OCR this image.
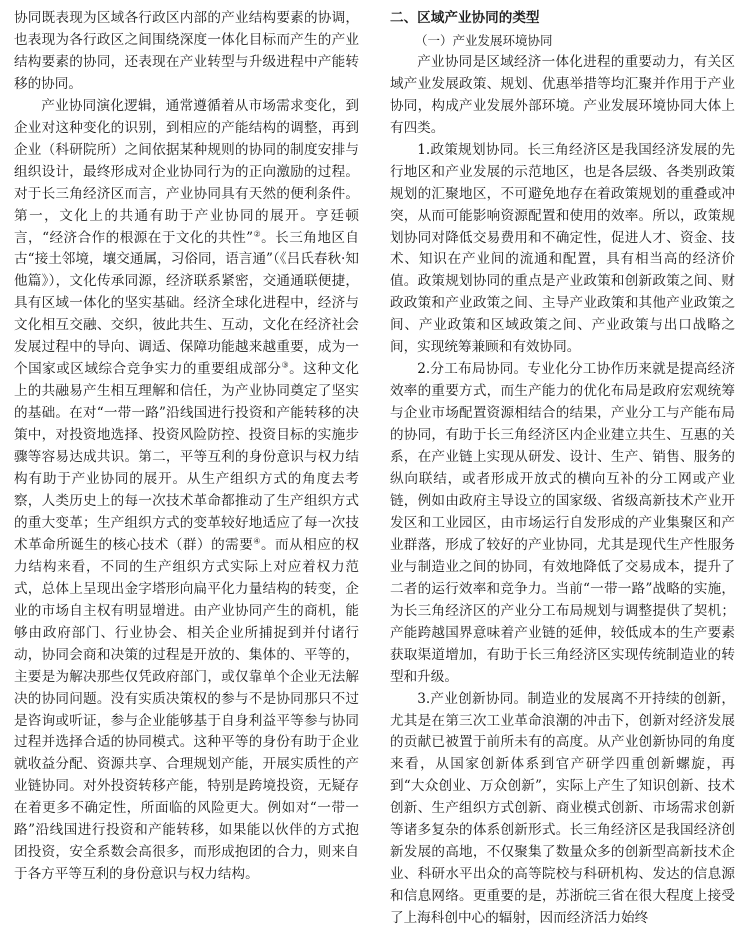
协同既表现为区域各行政区内部的产业结构要素的协调，也表现为各行政区之间围绕深度一体化目标而产生的产业结构要素的协同，还表现在产业转型与升级进程中产能转移的协同。

产业协同演化逻辑，通常遵循着从市场需求变化，到企业对这种变化的识别，到相应的产能结构的调整，再到企业（科研院所）之间依据某种规则的协同的制度安排与组织设计，最终形成对企业协同行为的正向激励的过程。对于长三角经济区而言，产业协同具有天然的便利条件。第一，文化上的共通有助于产业协同的展开。亨廷顿言，“经济合作的根源在于文化的共性”②。长三角地区自古“接土邻境，壤交通属，习俗同，语言通”（《吕氏春秋·知他篇》），文化传承同源，经济联系紧密，交通通联便捷，具有区域一体化的坚实基础。经济全球化进程中，经济与文化相互交融、交织，彼此共生、互动，文化在经济社会发展过程中的导向、调适、保障功能越来越重要，成为一个国家或区域综合竞争实力的重要组成部分③。这种文化上的共融易产生相互理解和信任，为产业协同奠定了坚实的基础。在对“一带一路”沿线国进行投资和产能转移的决策中，对投资地选择、投资风险防控、投资目标的实施步骤等容易达成共识。第二，平等互利的身份意识与权力结构有助于产业协同的展开。从生产组织方式的角度去考察，人类历史上的每一次技术革命都推动了生产组织方式的重大变革；生产组织方式的变革较好地适应了每一次技术革命所诞生的核心技术（群）的需要④。而从相应的权力结构来看，不同的生产组织方式实际上对应着权力范式，总体上呈现出金字塔形向扁平化力量结构的转变，企业的市场自主权有明显增进。由产业协同产生的商机，能够由政府部门、行业协会、相关企业所捕捉到并付诸行动，协同会商和决策的过程是开放的、集体的、平等的，主要是为解决那些仅凭政府部门，或仅靠单个企业无法解决的协同问题。没有实质决策权的参与不是协同那只不过是咨询或听证，参与企业能够基于自身利益平等参与协同过程并选择合适的协同模式。这种平等的身份有助于企业就收益分配、资源共享、合理规划产能，开展实质性的产业链协同。对外投资转移产能，特别是跨境投资，无疑存在着更多不确定性，所面临的风险更大。例如对“一带一路”沿线国进行投资和产能转移，如果能以伙伴的方式抱团投资，安全系数会高很多，而形成抱团的合力，则来自于各方平等互利的身份意识与权力结构。

二、区域产业协同的类型

（一）产业发展环境协同

产业协同是区域经济一体化进程的重要动力，有关区域产业发展政策、规划、优惠举措等均汇聚并作用于产业协同，构成产业发展外部环境。产业发展环境协同大体上有四类。

1.政策规划协同。长三角经济区是我国经济发展的先行地区和产业发展的示范地区，也是各层级、各类别政策规划的汇聚地区，不可避免地存在着政策规划的重叠或冲突，从而可能影响资源配置和使用的效率。所以，政策规划协同对降低交易费用和不确定性，促进人才、资金、技术、知识在产业间的流通和配置，具有相当高的经济价值。政策规划协同的重点是产业政策和创新政策之间、财政政策和产业政策之间、主导产业政策和其他产业政策之间、产业政策和区域政策之间、产业政策与出口战略之间，实现统筹兼顾和有效协同。

2.分工布局协同。专业化分工协作历来就是提高经济效率的重要方式，而生产能力的优化布局是政府宏观统筹与企业市场配置资源相结合的结果，产业分工与产能布局的协同，有助于长三角经济区内企业建立共生、互惠的关系，在产业链上实现从研发、设计、生产、销售、服务的纵向联结，或者形成开放式的横向互补的分工网或产业链，例如由政府主导设立的国家级、省级高新技术产业开发区和工业园区，由市场运行自发形成的产业集聚区和产业群落，形成了较好的产业协同，尤其是现代生产性服务业与制造业之间的协同，有效地降低了交易成本，提升了二者的运行效率和竞争力。当前“一带一路”战略的实施，为长三角经济区的产业分工布局规划与调整提供了契机；产能跨越国界意味着产业链的延伸，较低成本的生产要素获取渠道增加，有助于长三角经济区实现传统制造业的转型和升级。

3.产业创新协同。制造业的发展离不开持续的创新，尤其是在第三次工业革命浪潮的冲击下，创新对经济发展的贡献已被置于前所未有的高度。从产业创新协同的角度来看，从国家创新体系到官产研学四重创新螺旋，再到“大众创业、万众创新”，实际上产生了知识创新、技术创新、生产组织方式创新、商业模式创新、市场需求创新等诸多复杂的体系创新形式。长三角经济区是我国经济创新发展的高地，不仅聚集了数量众多的创新型高新技术企业、科研水平出众的高等院校与科研机构、发达的信息源和信息网络。更重要的是，苏浙皖三省在很大程度上接受了上海科创中心的辐射，因而经济活力始终
